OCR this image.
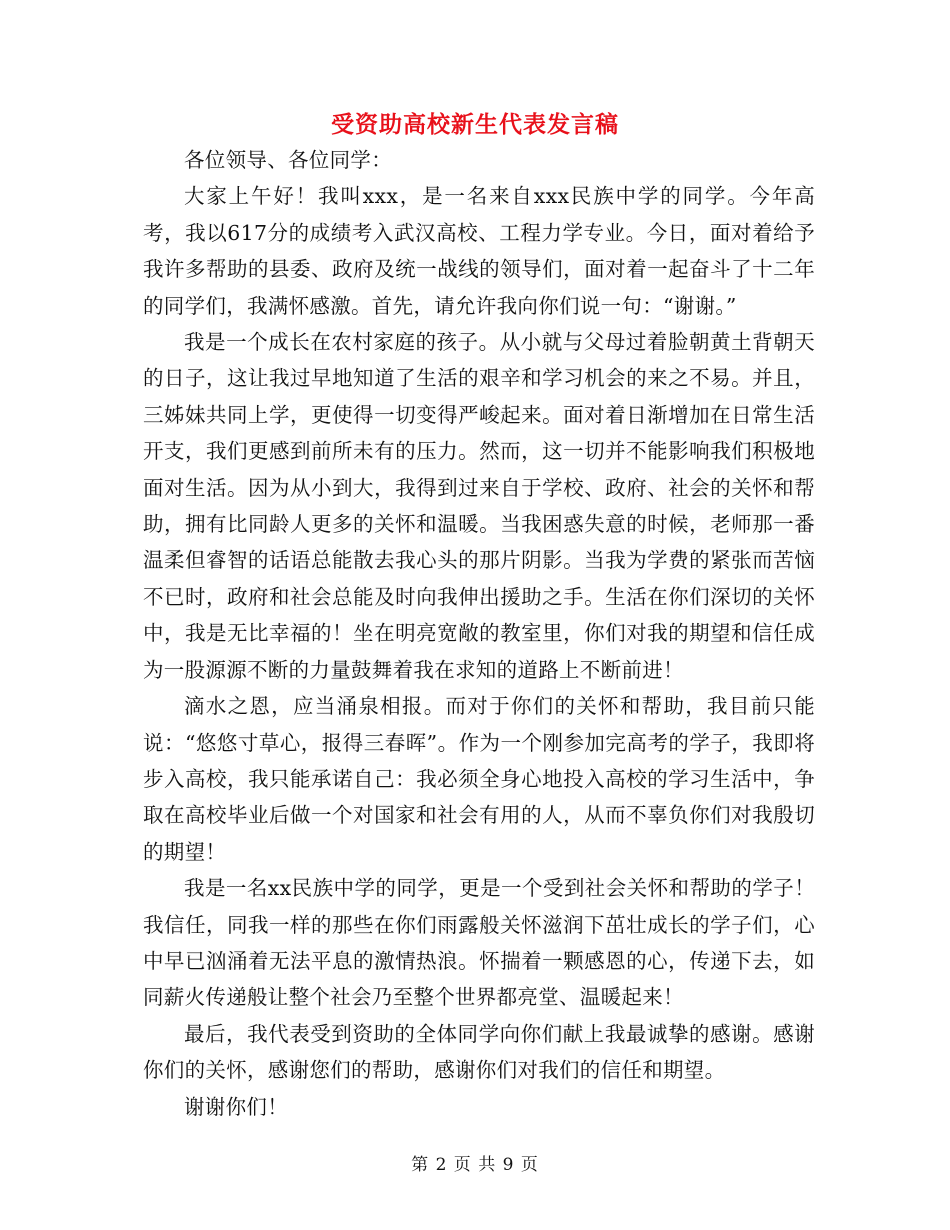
受资助高校新生代表发言稿

各位领导、各位同学：

大家上午好！我叫xxx，是一名来自xxx民族中学的同学。今年高考，我以617分的成绩考入武汉高校、工程力学专业。今日，面对着给予我许多帮助的县委、政府及统一战线的领导们，面对着一起奋斗了十二年的同学们，我满怀感激。首先，请允许我向你们说一句：“谢谢。”

我是一个成长在农村家庭的孩子。从小就与父母过着脸朝黄土背朝天的日子，这让我过早地知道了生活的艰辛和学习机会的来之不易。并且，三姊妹共同上学，更使得一切变得严峻起来。面对着日渐增加在日常生活开支，我们更感到前所未有的压力。然而，这一切并不能影响我们积极地面对生活。因为从小到大，我得到过来自于学校、政府、社会的关怀和帮助，拥有比同龄人更多的关怀和温暖。当我困惑失意的时候，老师那一番温柔但睿智的话语总能散去我心头的那片阴影。当我为学费的紧张而苦恼不已时，政府和社会总能及时向我伸出援助之手。生活在你们深切的关怀中，我是无比幸福的！坐在明亮宽敞的教室里，你们对我的期望和信任成为一股源源不断的力量鼓舞着我在求知的道路上不断前进！

滴水之恩，应当涌泉相报。而对于你们的关怀和帮助，我目前只能说：“悠悠寸草心，报得三春晖”。作为一个刚参加完高考的学子，我即将步入高校，我只能承诺自己：我必须全身心地投入高校的学习生活中，争取在高校毕业后做一个对国家和社会有用的人，从而不辜负你们对我殷切的期望！

我是一名xx民族中学的同学，更是一个受到社会关怀和帮助的学子！我信任，同我一样的那些在你们雨露般关怀滋润下茁壮成长的学子们，心中早已汹涌着无法平息的激情热浪。怀揣着一颗感恩的心，传递下去，如同薪火传递般让整个社会乃至整个世界都亮堂、温暖起来！

最后，我代表受到资助的全体同学向你们献上我最诚挚的感谢。感谢你们的关怀，感谢您们的帮助，感谢你们对我们的信任和期望。

谢谢你们！

第 2 页 共 9 页
